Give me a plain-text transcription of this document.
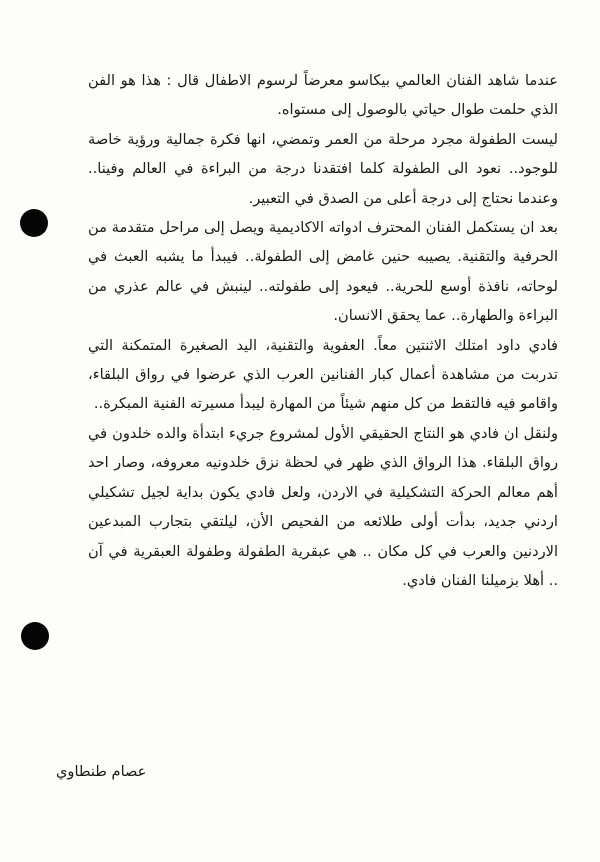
عندما شاهد الفنان العالمي بيكاسو معرضاً لرسوم الاطفال قال : هذا هو الفن الذي حلمت طوال حياتي بالوصول إلى مستواه.

ليست الطفولة مجرد مرحلة من العمر وتمضي، انها فكرة جمالية ورؤية خاصة للوجود.. نعود الى الطفولة كلما افتقدنا درجة من البراءة في العالم وفينا.. وعندما نحتاج إلى درجة أعلى من الصدق في التعبير.

بعد ان يستكمل الفنان المحترف ادواته الاكاديمية ويصل إلى مراحل متقدمة من الحرفية والتقنية. يصيبه حنين غامض إلى الطفولة.. فيبدأ ما يشبه العبث في لوحاته، نافذة أوسع للحرية.. فيعود إلى طفولته.. لينبش في عالم عذري من البراءة والطهارة.. عما يحقق الانسان.

فادي داود امتلك الاثنتين معاً. العفوية والتقنية، اليد الصغيرة المتمكنة التي تدربت من مشاهدة أعمال كبار الفنانين العرب الذي عرضوا في رواق البلقاء، واقامو فيه فالتقط من كل منهم شيئاً من المهارة ليبدأ مسيرته الفنية المبكرة..

ولنقل ان فادي هو النتاج الحقيقي الأول لمشروع جريء ابتدأة والده خلدون في رواق البلقاء. هذا الرواق الذي ظهر في لحظة نزق خلدونيه معروفه، وصار احد أهم معالم الحركة التشكيلية في الاردن، ولعل فادي يكون بداية لجيل تشكيلي اردني جديد، بدأت أولى طلائعه من الفحيص الأن، ليلتقي بتجارب المبدعين الاردنين والعرب في كل مكان .. هي عبقرية الطفولة وطفولة العبقرية في آن .. أهلا بزميلنا الفنان فادي.

عصام طنطاوي
